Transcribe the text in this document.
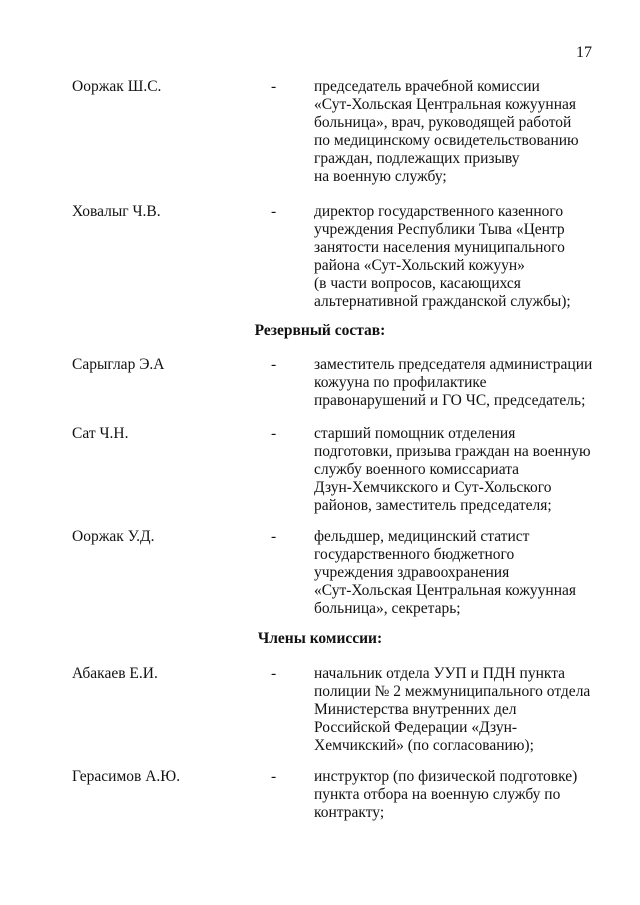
17
Ооржак Ш.С.	- председатель врачебной комиссии
«Сут-Хольская Центральная кожуунная
больница», врач, руководящей работой
по медицинскому освидетельствованию
граждан, подлежащих призыву
на военную службу;
Ховалыг Ч.В.	- директор государственного казенного
учреждения Республики Тыва «Центр
занятости населения муниципального
района «Сут-Хольский кожуун»
(в части вопросов, касающихся
альтернативной гражданской службы);
Резервный состав:
Сарыглар Э.А	- заместитель председателя администрации
кожууна по профилактике
правонарушений и ГО ЧС, председатель;
Сат Ч.Н.	- старший помощник отделения
подготовки, призыва граждан на военную
службу военного комиссариата
Дзун-Хемчикского и Сут-Хольского
районов, заместитель председателя;
Ооржак У.Д.	- фельдшер, медицинский статист
государственного бюджетного
учреждения здравоохранения
«Сут-Хольская Центральная кожуунная
больница», секретарь;
Члены комиссии:
Абакаев Е.И.	- начальник отдела УУП и ПДН пункта
полиции № 2 межмуниципального отдела
Министерства внутренних дел
Российской Федерации «Дзун-
Хемчикский» (по согласованию);
Герасимов А.Ю.	- инструктор (по физической подготовке)
пункта отбора на военную службу по
контракту;
